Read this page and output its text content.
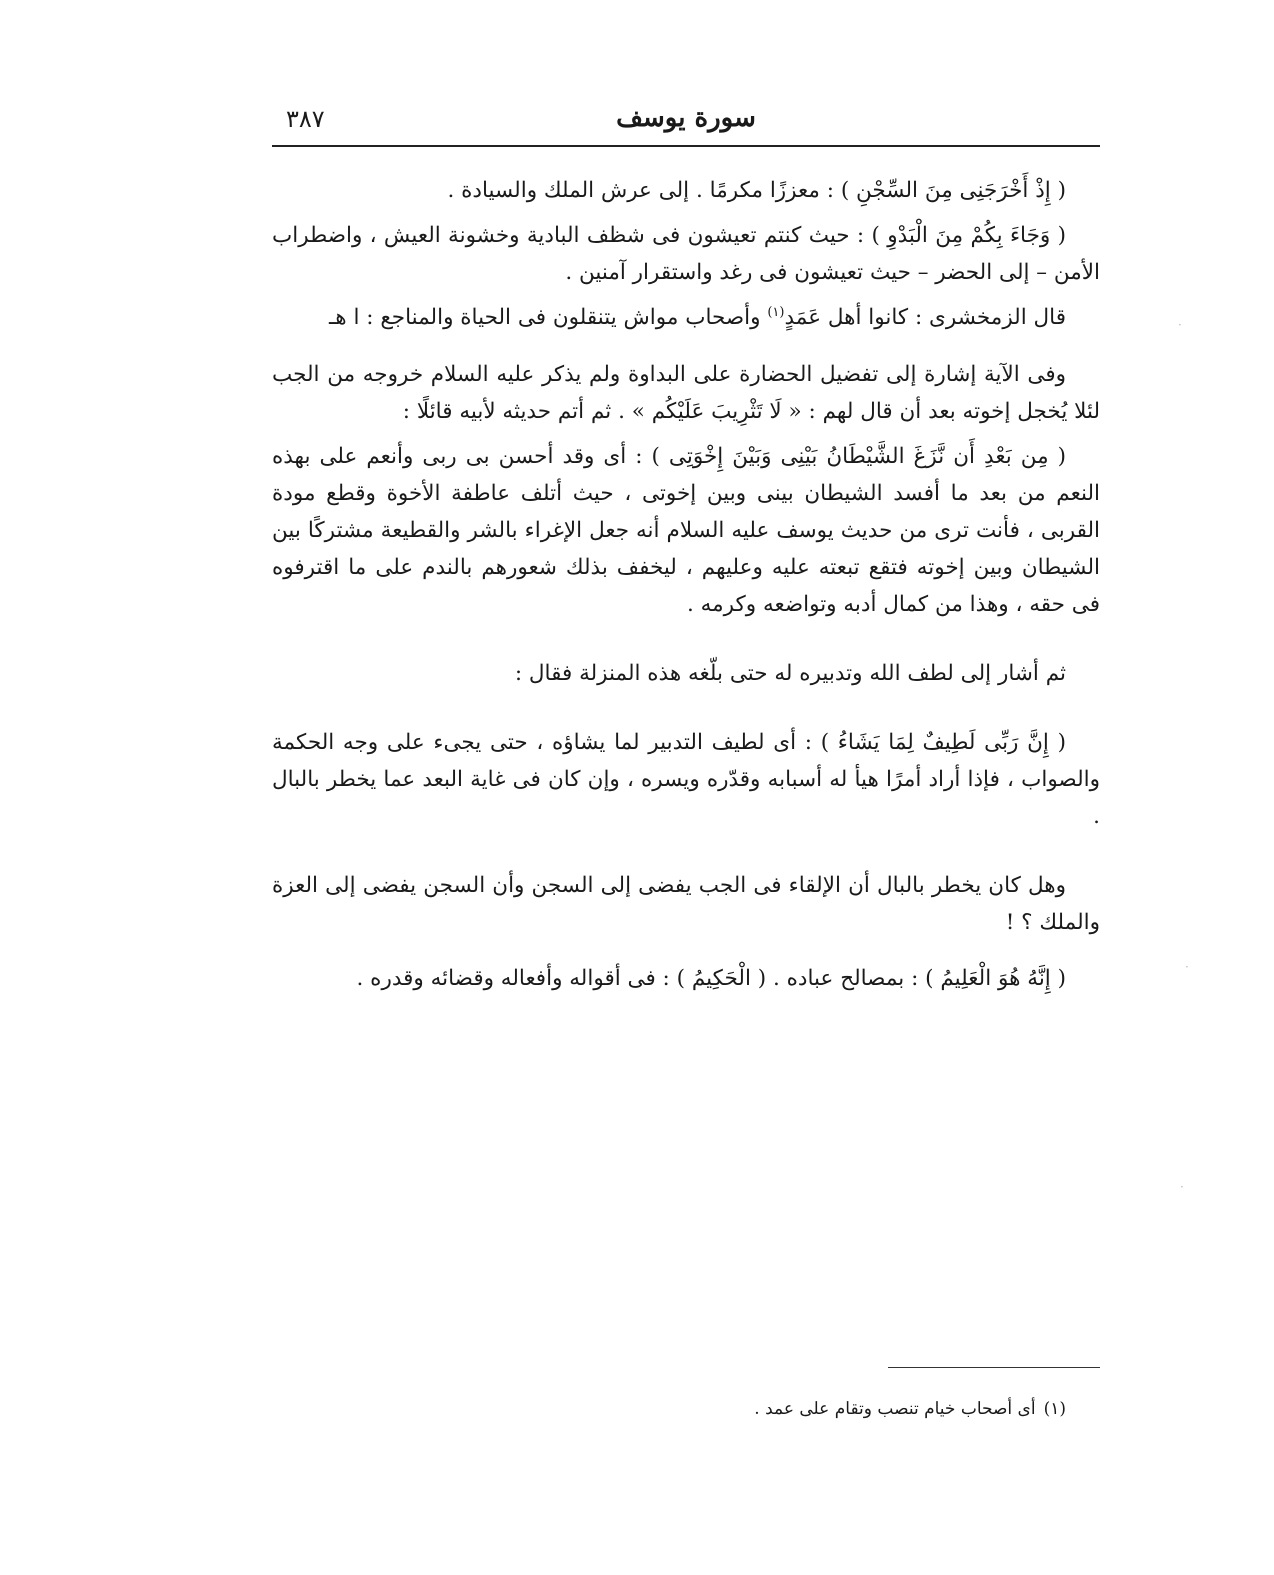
سورة يوسف
٣٨٧

( إِذْ أَخْرَجَنِى مِنَ السِّجْنِ ) : معززًا مكرمًا . إلى عرش الملك والسيادة .

( وَجَاءَ بِكُمْ مِنَ الْبَدْوِ ) : حيث كنتم تعيشون فى شظف البادية وخشونة العيش ، واضطراب الأمن – إلى الحضر – حيث تعيشون فى رغد واستقرار آمنين .

قال الزمخشرى : كانوا أهل عَمَدٍ$^{(١)}$ وأصحاب مواش يتنقلون فى الحياة والمناجع : ا هـ

وفى الآية إشارة إلى تفضيل الحضارة على البداوة ولم يذكر عليه السلام خروجه من الجب لئلا يُخجل إخوته بعد أن قال لهم : « لَا تَثْرِيبَ عَلَيْكُم » . ثم أتم حديثه لأبيه قائلًا :

( مِن بَعْدِ أَن نَّزَغَ الشَّيْطَانُ بَيْنِى وَبَيْنَ إِخْوَتِى ) : أى وقد أحسن بى ربى وأنعم على بهذه النعم من بعد ما أفسد الشيطان بينى وبين إخوتى ، حيث أتلف عاطفة الأخوة وقطع مودة القربى ، فأنت ترى من حديث يوسف عليه السلام أنه جعل الإغراء بالشر والقطيعة مشتركًا بين الشيطان وبين إخوته فتقع تبعته عليه وعليهم ، ليخفف بذلك شعورهم بالندم على ما اقترفوه فى حقه ، وهذا من كمال أدبه وتواضعه وكرمه .

ثم أشار إلى لطف الله وتدبيره له حتى بلّغه هذه المنزلة فقال :

( إِنَّ رَبِّى لَطِيفٌ لِمَا يَشَاءُ ) : أى لطيف التدبير لما يشاؤه ، حتى يجىء على وجه الحكمة والصواب ، فإذا أراد أمرًا هيأ له أسبابه وقدّره ويسره ، وإن كان فى غاية البعد عما يخطر بالبال .

وهل كان يخطر بالبال أن الإلقاء فى الجب يفضى إلى السجن وأن السجن يفضى إلى العزة والملك ؟ !

( إِنَّهُ هُوَ الْعَلِيمُ ) : بمصالح عباده . ( الْحَكِيمُ ) : فى أقواله وأفعاله وقضائه وقدره .

(١)أى أصحاب خيام تنصب وتقام على عمد .
·
·
·
